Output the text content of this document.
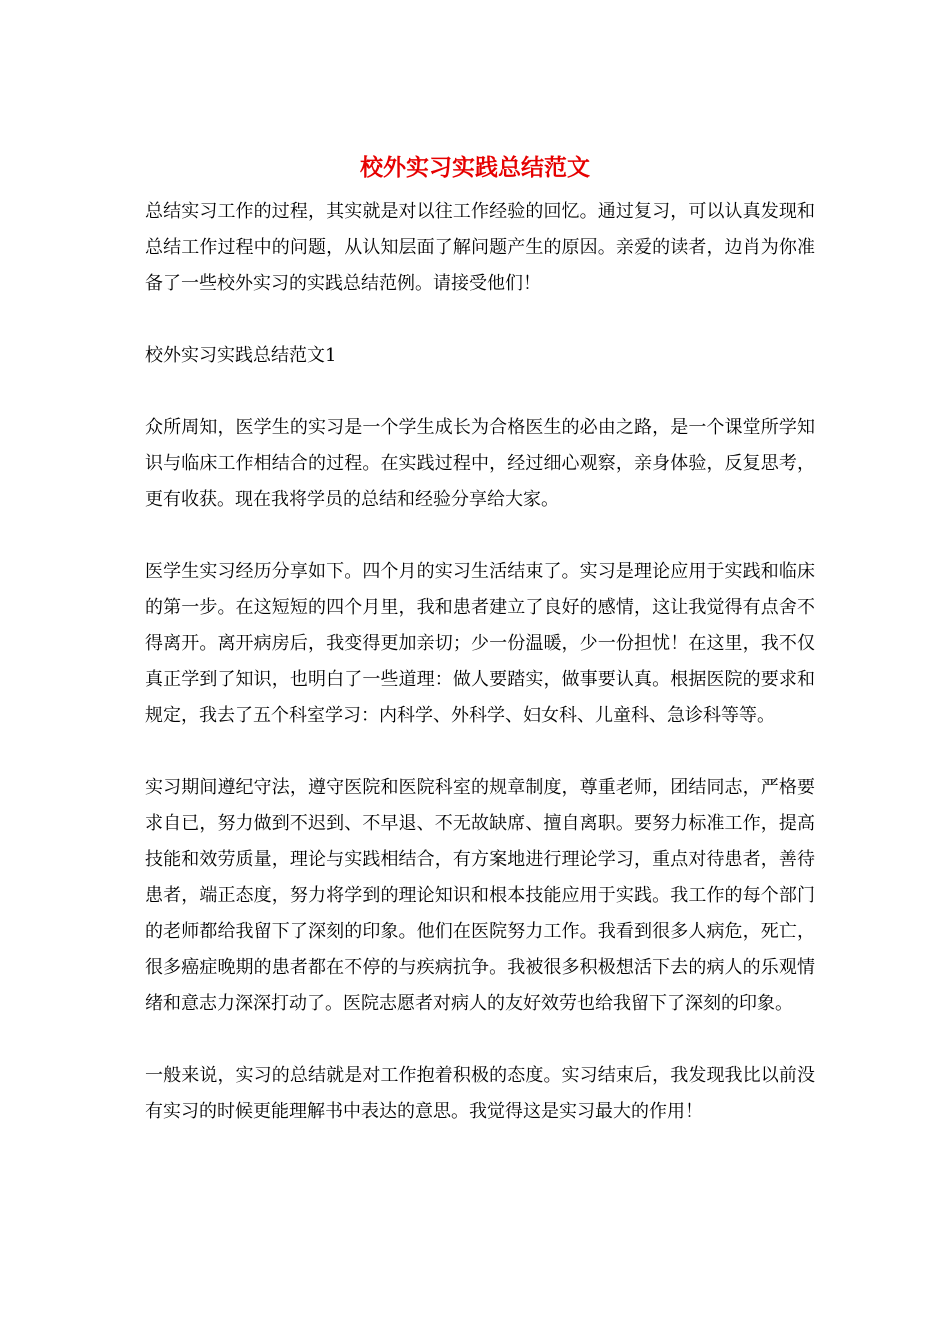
校外实习实践总结范文

总结实习工作的过程，其实就是对以往工作经验的回忆。通过复习，可以认真发现和总结工作过程中的问题，从认知层面了解问题产生的原因。亲爱的读者，边肖为你准备了一些校外实习的实践总结范例。请接受他们！

校外实习实践总结范文1

众所周知，医学生的实习是一个学生成长为合格医生的必由之路，是一个课堂所学知识与临床工作相结合的过程。在实践过程中，经过细心观察，亲身体验，反复思考，更有收获。现在我将学员的总结和经验分享给大家。

医学生实习经历分享如下。四个月的实习生活结束了。实习是理论应用于实践和临床的第一步。在这短短的四个月里，我和患者建立了良好的感情，这让我觉得有点舍不得离开。离开病房后，我变得更加亲切；少一份温暖，少一份担忧！在这里，我不仅真正学到了知识，也明白了一些道理：做人要踏实，做事要认真。根据医院的要求和规定，我去了五个科室学习：内科学、外科学、妇女科、儿童科、急诊科等等。

实习期间遵纪守法，遵守医院和医院科室的规章制度，尊重老师，团结同志，严格要求自已，努力做到不迟到、不早退、不无故缺席、擅自离职。要努力标准工作，提高技能和效劳质量，理论与实践相结合，有方案地进行理论学习，重点对待患者，善待患者，端正态度，努力将学到的理论知识和根本技能应用于实践。我工作的每个部门的老师都给我留下了深刻的印象。他们在医院努力工作。我看到很多人病危，死亡，很多癌症晚期的患者都在不停的与疾病抗争。我被很多积极想活下去的病人的乐观情绪和意志力深深打动了。医院志愿者对病人的友好效劳也给我留下了深刻的印象。

一般来说，实习的总结就是对工作抱着积极的态度。实习结束后，我发现我比以前没有实习的时候更能理解书中表达的意思。我觉得这是实习最大的作用！
